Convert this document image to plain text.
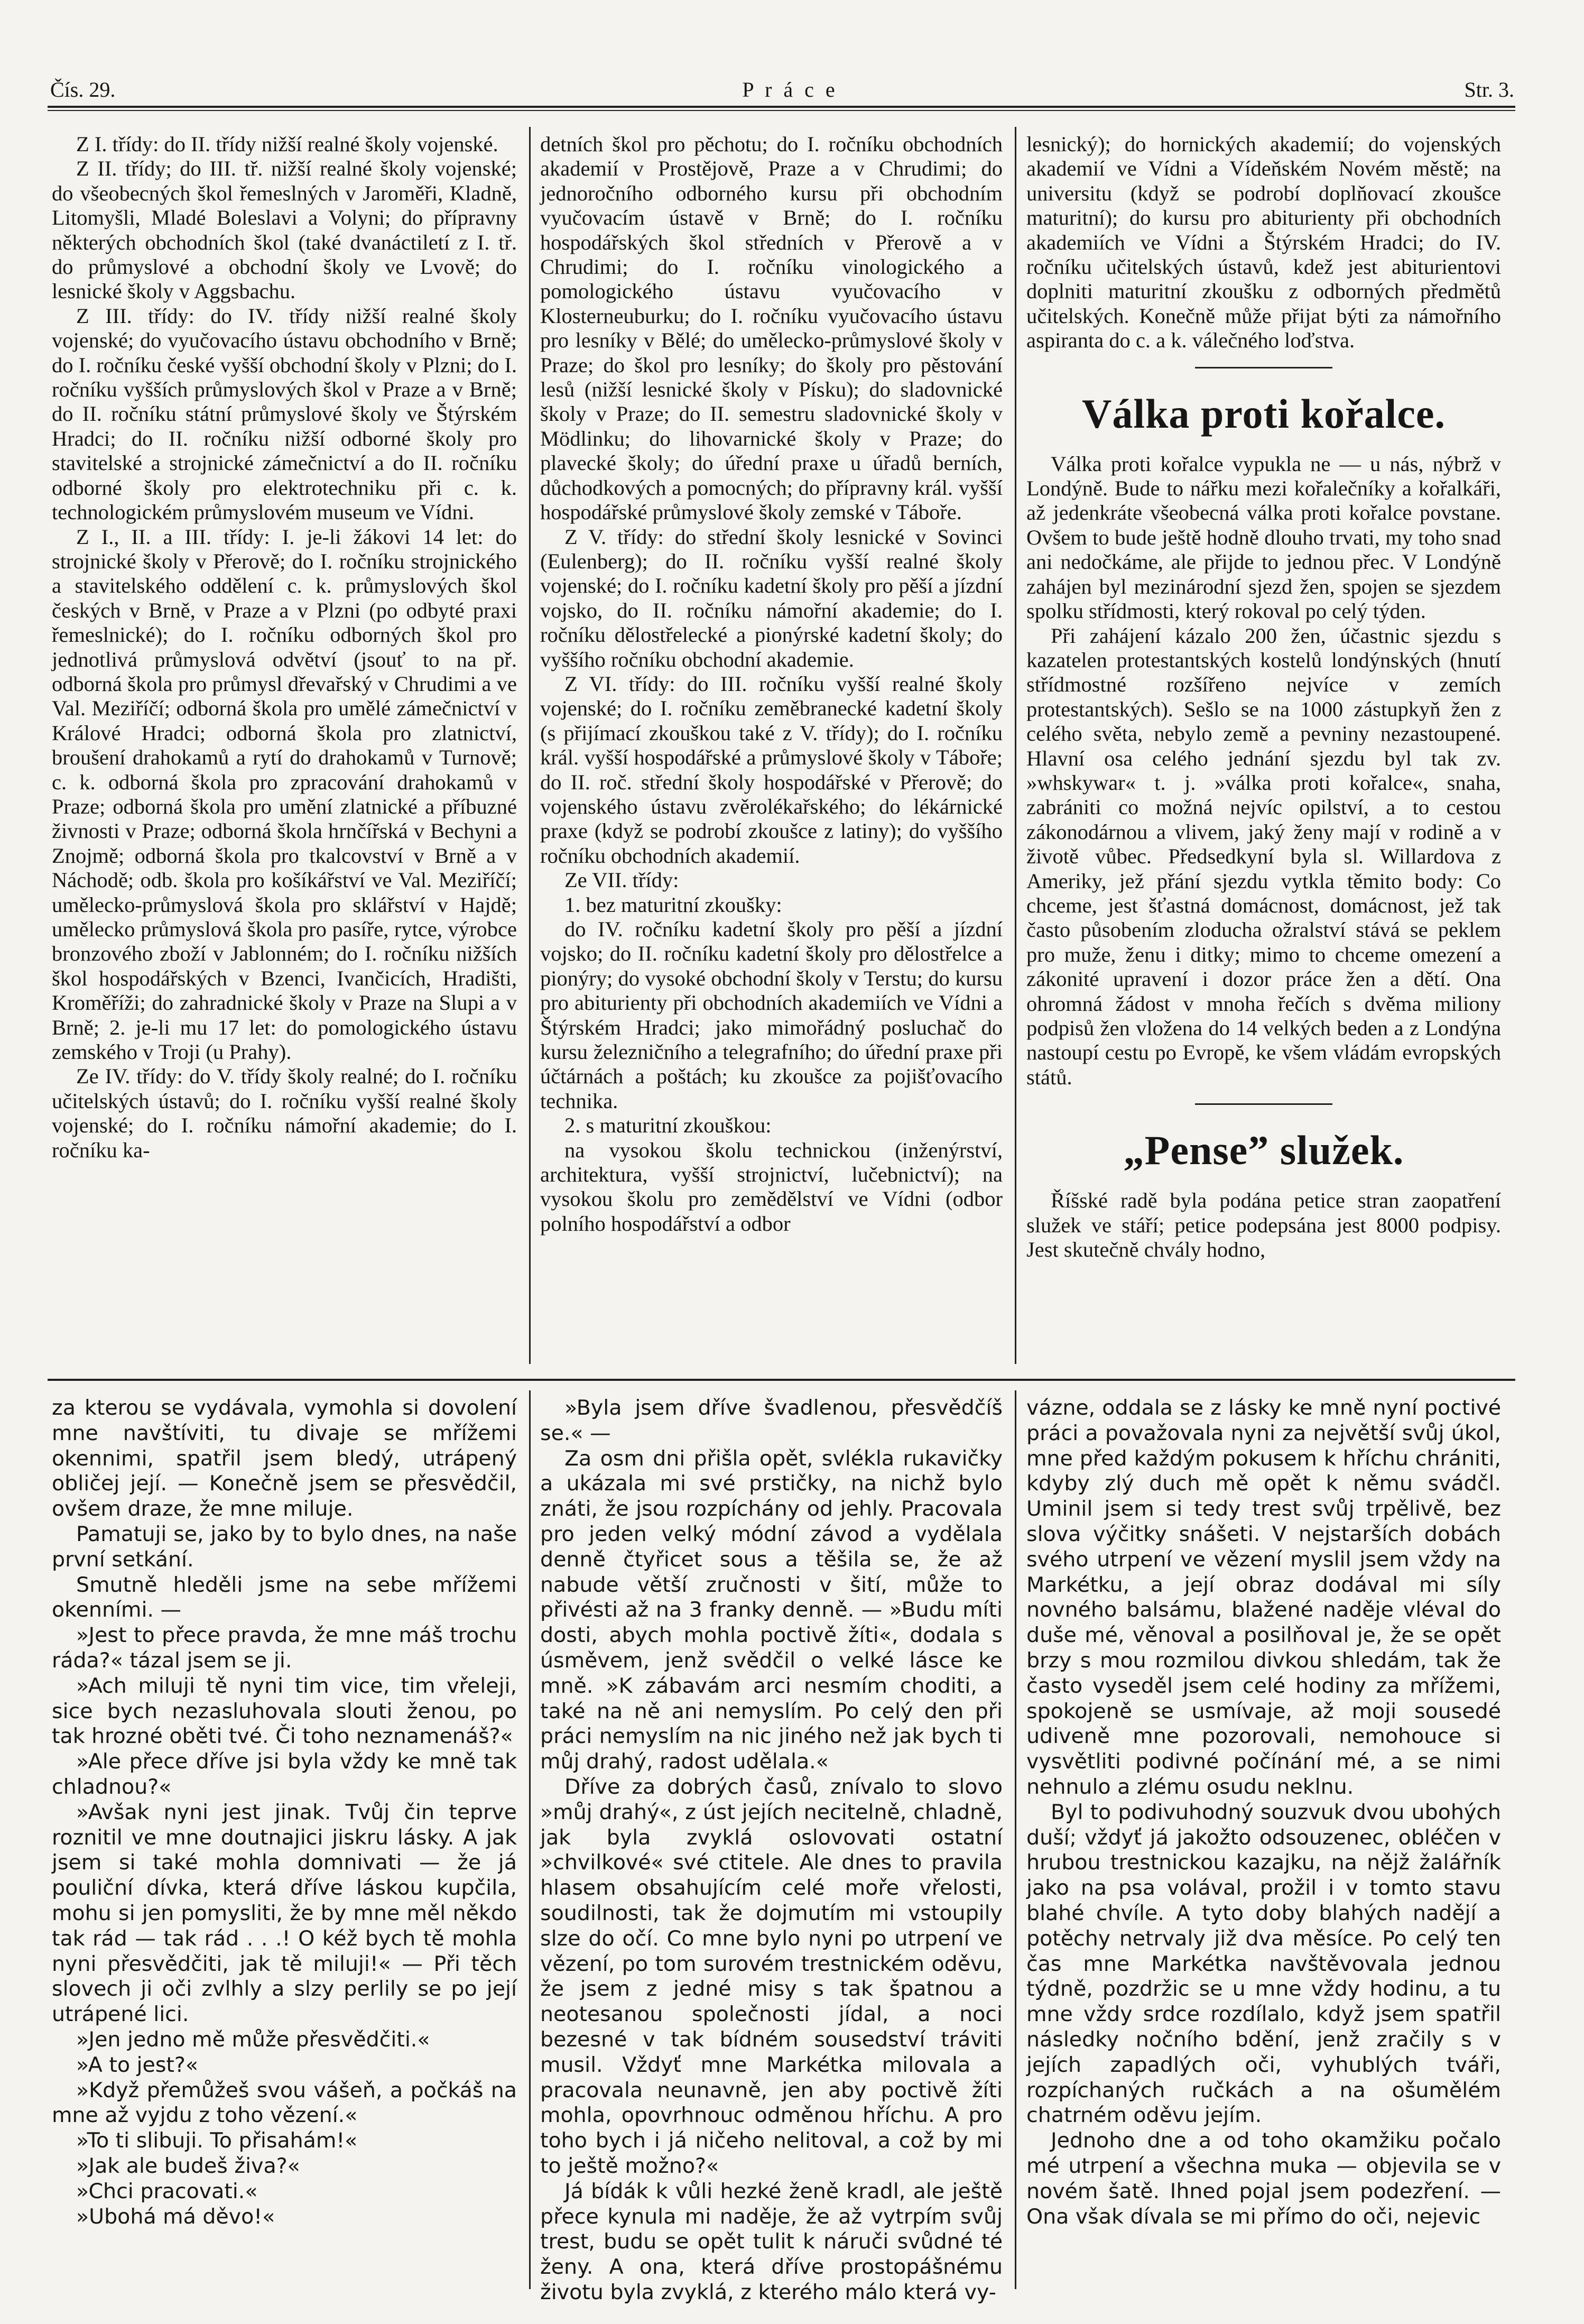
Čís. 29.	P r á c e	Str. 3.

Z I. třídy: do II. třídy nižší realné školy vojenské.

Z II. třídy; do III. tř. nižší realné školy vojenské; do všeobecných škol řemeslných v Jaroměři, Kladně, Litomyšli, Mladé Boleslavi a Volyni; do přípravny některých obchodních škol (také dvanáctiletí z I. tř. do průmyslové a obchodní školy ve Lvově; do lesnické školy v Aggsbachu.

Z III. třídy: do IV. třídy nižší realné školy vojenské; do vyučovacího ústavu obchodního v Brně; do I. ročníku české vyšší obchodní školy v Plzni; do I. ročníku vyšších průmyslových škol v Praze a v Brně; do II. ročníku státní průmyslové školy ve Štýrském Hradci; do II. ročníku nižší odborné školy pro stavitelské a strojnické zámečnictví a do II. ročníku odborné školy pro elektrotechniku při c. k. technologickém průmyslovém museum ve Vídni.

Z I., II. a III. třídy: I. je-li žákovi 14 let: do strojnické školy v Přerově; do I. ročníku strojnického a stavitelského oddělení c. k. průmyslových škol českých v Brně, v Praze a v Plzni (po odbyté praxi řemeslnické); do I. ročníku odborných škol pro jednotlivá průmyslová odvětví (jsouť to na př. odborná škola pro průmysl dřevařský v Chrudimi a ve Val. Meziříčí; odborná škola pro umělé zámečnictví v Králové Hradci; odborná škola pro zlatnictví, broušení drahokamů a rytí do drahokamů v Turnově; c. k. odborná škola pro zpracování drahokamů v Praze; odborná škola pro umění zlatnické a příbuzné živnosti v Praze; odborná škola hrnčířská v Bechyni a Znojmě; odborná škola pro tkalcovství v Brně a v Náchodě; odb. škola pro košíkářství ve Val. Meziříčí; umělecko-průmyslová škola pro sklářství v Hajdě; umělecko průmyslová škola pro pasíře, rytce, výrobce bronzového zboží v Jablonném; do I. ročníku nižších škol hospodářských v Bzenci, Ivančicích, Hradišti, Kroměříži; do zahradnické školy v Praze na Slupi a v Brně; 2. je-li mu 17 let: do pomologického ústavu zemského v Troji (u Prahy).

Ze IV. třídy: do V. třídy školy realné; do I. ročníku učitelských ústavů; do I. ročníku vyšší realné školy vojenské; do I. ročníku námořní akademie; do I. ročníku ka-

detních škol pro pěchotu; do I. ročníku obchodních akademií v Prostějově, Praze a v Chrudimi; do jednoročního odborného kursu při obchodním vyučovacím ústavě v Brně; do I. ročníku hospodářských škol středních v Přerově a v Chrudimi; do I. ročníku vinologického a pomologického ústavu vyučovacího v Klosterneuburku; do I. ročníku vyučovacího ústavu pro lesníky v Bělé; do umělecko-průmyslové školy v Praze; do škol pro lesníky; do školy pro pěstování lesů (nižší lesnické školy v Písku); do sladovnické školy v Praze; do II. semestru sladovnické školy v Mödlinku; do lihovarnické školy v Praze; do plavecké školy; do úřední praxe u úřadů berních, důchodkových a pomocných; do přípravny král. vyšší hospodářské průmyslové školy zemské v Táboře.

Z V. třídy: do střední školy lesnické v Sovinci (Eulenberg); do II. ročníku vyšší realné školy vojenské; do I. ročníku kadetní školy pro pěší a jízdní vojsko, do II. ročníku námořní akademie; do I. ročníku dělostřelecké a pionýrské kadetní školy; do vyššího ročníku obchodní akademie.

Z VI. třídy: do III. ročníku vyšší realné školy vojenské; do I. ročníku zeměbranecké kadetní školy (s přijímací zkouškou také z V. třídy); do I. ročníku král. vyšší hospodářské a průmyslové školy v Táboře; do II. roč. střední školy hospodářské v Přerově; do vojenského ústavu zvěrolékařského; do lékárnické praxe (když se podrobí zkoušce z latiny); do vyššího ročníku obchodních akademií.

Ze VII. třídy:

1. bez maturitní zkoušky:

do IV. ročníku kadetní školy pro pěší a jízdní vojsko; do II. ročníku kadetní školy pro dělostřelce a pionýry; do vysoké obchodní školy v Terstu; do kursu pro abiturienty při obchodních akademiích ve Vídni a Štýrském Hradci; jako mimořádný posluchač do kursu železničního a telegrafního; do úřední praxe při účtárnách a poštách; ku zkoušce za pojišťovacího technika.

2. s maturitní zkouškou:

na vysokou školu technickou (inženýrství, architektura, vyšší strojnictví, lučebnictví); na vysokou školu pro zemědělství ve Vídni (odbor polního hospodářství a odbor

lesnický); do hornických akademií; do vojenských akademií ve Vídni a Vídeňském Novém městě; na universitu (když se podrobí doplňovací zkoušce maturitní); do kursu pro abiturienty při obchodních akademiích ve Vídni a Štýrském Hradci; do IV. ročníku učitelských ústavů, kdež jest abiturientovi doplniti maturitní zkoušku z odborných předmětů učitelských. Konečně může přijat býti za námořního aspiranta do c. a k. válečného loďstva.

Válka proti kořalce.

Válka proti kořalce vypukla ne — u nás, nýbrž v Londýně. Bude to nářku mezi kořalečníky a kořalkáři, až jedenkráte všeobecná válka proti kořalce povstane. Ovšem to bude ještě hodně dlouho trvati, my toho snad ani nedočkáme, ale přijde to jednou přec. V Londýně zahájen byl mezinárodní sjezd žen, spojen se sjezdem spolku střídmosti, který rokoval po celý týden.

Při zahájení kázalo 200 žen, účastnic sjezdu s kazatelen protestantských kostelů londýnských (hnutí střídmostné rozšířeno nejvíce v zemích protestantských). Sešlo se na 1000 zástupkyň žen z celého světa, nebylo země a pevniny nezastoupené. Hlavní osa celého jednání sjezdu byl tak zv. »whskywar« t. j. »válka proti kořalce«, snaha, zabrániti co možná nejvíc opilství, a to cestou zákonodárnou a vlivem, jaký ženy mají v rodině a v životě vůbec. Předsedkyní byla sl. Willardova z Ameriky, jež přání sjezdu vytkla těmito body: Co chceme, jest šťastná domácnost, domácnost, jež tak často působením zloducha ožralství stává se peklem pro muže, ženu i ditky; mimo to chceme omezení a zákonité upravení i dozor práce žen a dětí. Ona ohromná žádost v mnoha řečích s dvěma miliony podpisů žen vložena do 14 velkých beden a z Londýna nastoupí cestu po Evropě, ke všem vládám evropských států.

„Pense” služek.

Říšské radě byla podána petice stran zaopatření služek ve stáří; petice podepsána jest 8000 podpisy. Jest skutečně chvály hodno,

za kterou se vydávala, vymohla si dovolení mne navštíviti, tu divaje se mřížemi okennimi, spatřil jsem bledý, utrápený obličej její. — Konečně jsem se přesvědčil, ovšem draze, že mne miluje.

Pamatuji se, jako by to bylo dnes, na naše první setkání.

Smutně hleděli jsme na sebe mřížemi okenními. —

»Jest to přece pravda, že mne máš trochu ráda?« tázal jsem se ji.

»Ach miluji tě nyni tim vice, tim vřeleji, sice bych nezasluhovala slouti ženou, po tak hrozné oběti tvé. Či toho neznamenáš?«

»Ale přece dříve jsi byla vždy ke mně tak chladnou?«

»Avšak nyni jest jinak. Tvůj čin teprve roznitil ve mne doutnajici jiskru lásky. A jak jsem si také mohla domnivati — že já pouliční dívka, která dříve láskou kupčila, mohu si jen pomysliti, že by mne měl někdo tak rád — tak rád . . .! O kéž bych tě mohla nyni přesvědčiti, jak tě miluji!« — Při těch slovech ji oči zvlhly a slzy perlily se po její utrápené lici.

»Jen jedno mě může přesvědčiti.«

»A to jest?«

»Když přemůžeš svou vášeň, a počkáš na mne až vyjdu z toho vězení.«

»To ti slibuji. To přisahám!«

»Jak ale budeš živa?«

»Chci pracovati.«

»Ubohá má děvo!«

»Byla jsem dříve švadlenou, přesvědčíš se.« —

Za osm dni přišla opět, svlékla rukavičky a ukázala mi své prstičky, na nichž bylo znáti, že jsou rozpíchány od jehly. Pracovala pro jeden velký módní závod a vydělala denně čtyřicet sous a těšila se, že až nabude větší zručnosti v šití, může to přivésti až na 3 franky denně. — »Budu míti dosti, abych mohla poctivě žíti«, dodala s úsměvem, jenž svědčil o velké lásce ke mně. »K zábavám arci nesmím choditi, a také na ně ani nemyslím. Po celý den při práci nemyslím na nic jiného než jak bych ti můj drahý, radost udělala.«

Dříve za dobrých časů, znívalo to slovo »můj drahý«, z úst jejích necitelně, chladně, jak byla zvyklá oslovovati ostatní »chvilkové« své ctitele. Ale dnes to pravila hlasem obsahujícím celé moře vřelosti, soudilnosti, tak že dojmutím mi vstoupily slze do očí. Co mne bylo nyni po utrpení ve vězení, po tom surovém trestnickém oděvu, že jsem z jedné misy s tak špatnou a neotesanou společnosti jídal, a noci bezesné v tak bídném sousedství tráviti musil. Vždyť mne Markétka milovala a pracovala neunavně, jen aby poctivě žíti mohla, opovrhnouc odměnou hříchu. A pro toho bych i já ničeho nelitoval, a což by mi to ještě možno?«

Já bídák k vůli hezké ženě kradl, ale ještě přece kynula mi naděje, že až vytrpím svůj trest, budu se opět tulit k náruči svůdné té ženy. A ona, která dříve prostopášnému životu byla zvyklá, z kterého málo která vy-

vázne, oddala se z lásky ke mně nyní poctivé práci a považovala nyni za největší svůj úkol, mne před každým pokusem k hříchu chrániti, kdyby zlý duch mě opět k němu svádčl. Uminil jsem si tedy trest svůj trpělivě, bez slova výčitky snášeti. V nejstarších dobách svého utrpení ve vězení myslil jsem vždy na Markétku, a její obraz dodával mi síly novného balsámu, blažené naděje vlévaI do duše mé, věnoval a posilňoval je, že se opět brzy s mou rozmilou divkou shledám, tak že často vyseděl jsem celé hodiny za mřížemi, spokojeně se usmívaje, až moji sousedé udiveně mne pozorovali, nemohouce si vysvětliti podivné počínání mé, a se nimi nehnulo a zlému osudu neklnu.

Byl to podivuhodný souzvuk dvou ubohých duší; vždyť já jakožto odsouzenec, obléčen v hrubou trestnickou kazajku, na nějž žalářník jako na psa volával, prožil i v tomto stavu blahé chvíle. A tyto doby blahých nadějí a potěchy netrvaly již dva měsíce. Po celý ten čas mne Markétka navštěvovala jednou týdně, pozdržic se u mne vždy hodinu, a tu mne vždy srdce rozdílalo, když jsem spatřil následky nočního bdění, jenž zračily s v jejích zapadlých oči, vyhublých tváři, rozpíchaných ručkách a na ošumělém chatrném oděvu jejím.

Jednoho dne a od toho okamžiku počalo mé utrpení a všechna muka — objevila se v novém šatě. Ihned pojal jsem podezření. — Ona však dívala se mi přímo do oči, nejevic
